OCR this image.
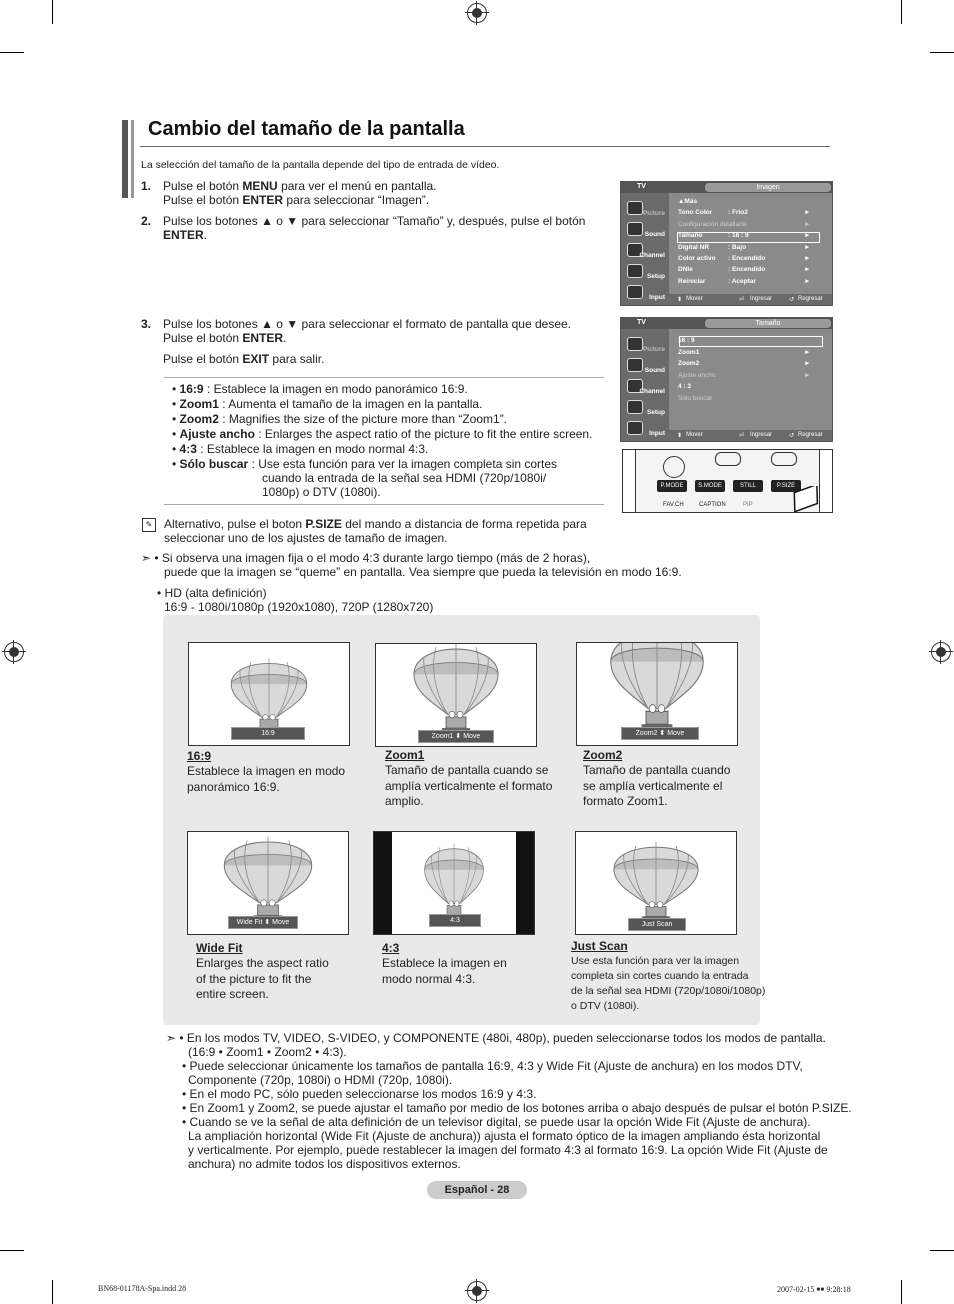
Cambio del tamaño de la pantalla
La selección del tamaño de la pantalla depende del tipo de entrada de vídeo.
1. Pulse el botón MENU para ver el menú en pantalla.
Pulse el botón ENTER para seleccionar “Imagen”.
2. Pulse los botones ▲ o ▼ para seleccionar “Tamaño” y, después, pulse el botón
ENTER.
3. Pulse los botones ▲ o ▼ para seleccionar el formato de pantalla que desee.
Pulse el botón ENTER.
Pulse el botón EXIT para salir.
• 16:9 : Establece la imagen en modo panorámico 16:9.
• Zoom1 : Aumenta el tamaño de la imagen en la pantalla.
• Zoom2 : Magnifies the size of the picture more than “Zoom1”.
• Ajuste ancho : Enlarges the aspect ratio of the picture to fit the entire screen.
• 4:3 : Establece la imagen en modo normal 4:3.
• Sólo buscar : Use esta función para ver la imagen completa sin cortes
cuando la entrada de la señal sea HDMI (720p/1080i/
1080p) o DTV (1080i).
TV	Imagen
Picture
Sound
Channel
Setup
Input
▲Más
Tono Color : Frío2	►
Configuración detallada	►
Tamaño	: 16 : 9	►
Digital NR	: Bajo	►
Color activo : Encendido	►
DNIe	: Encendido	►
Reiniciar	: Aceptar	►
⬍ Mover	⏎ Ingresar	↺ Regresar
TV	Tamaño
Picture
Sound
Channel
Setup
Input
16 : 9
Zoom1	►
Zoom2	►
Ajuste ancho	►
4 : 3
Sólo buscar
⬍ Mover	⏎ Ingresar	↺ Regresar
P.MODE	S.MODE	STILL	P.SIZE
FAV.CH	CAPTION	PIP
✎ Alternativo, pulse el boton P.SIZE del mando a distancia de forma repetida para
seleccionar uno de los ajustes de tamaño de imagen.
➣ • Si observa una imagen fija o el modo 4:3 durante largo tiempo (más de 2 horas),
puede que la imagen se “queme” en pantalla. Vea siempre que pueda la televisión en modo 16:9.
• HD (alta definición)
16:9 - 1080i/1080p (1920x1080), 720P (1280x720)
16:9
16:9
Establece la imagen en modo
panorámico 16:9.
Zoom1 ⬍ Move
Zoom1
Tamaño de pantalla cuando se
amplía verticalmente el formato
amplio.
Zoom2 ⬍ Move
Zoom2
Tamaño de pantalla cuando
se amplía verticalmente el
formato Zoom1.
Wide Fit ⬍ Move
Wide Fit
Enlarges the aspect ratio
of the picture to fit the
entire screen.
4:3
4:3
Establece la imagen en
modo normal 4:3.
Just Scan
Just Scan
Use esta función para ver la imagen
completa sin cortes cuando la entrada
de la señal sea HDMI (720p/1080i/1080p)
o DTV (1080i).
➣ • En los modos TV, VIDEO, S-VIDEO, y COMPONENTE (480i, 480p), pueden seleccionarse todos los modos de pantalla.
(16:9 • Zoom1 • Zoom2 • 4:3).
• Puede seleccionar únicamente los tamaños de pantalla 16:9, 4:3 y Wide Fit (Ajuste de anchura) en los modos DTV,
Componente (720p, 1080i) o HDMI (720p, 1080i).
• En el modo PC, sólo pueden seleccionarse los modos 16:9 y 4:3.
• En Zoom1 y Zoom2, se puede ajustar el tamaño por medio de los botones arriba o abajo después de pulsar el botón P.SIZE.
• Cuando se ve la señal de alta definición de un televisor digital, se puede usar la opción Wide Fit (Ajuste de anchura).
La ampliación horizontal (Wide Fit (Ajuste de anchura)) ajusta el formato óptico de la imagen ampliando ésta horizontal
y verticalmente. Por ejemplo, puede restablecer la imagen del formato 4:3 al formato 16:9. La opción Wide Fit (Ajuste de
anchura) no admite todos los dispositivos externos.
Español - 28
BN68-01178A-Spa.indd 28	2007-02-15 ￭￭ 9:28:18
